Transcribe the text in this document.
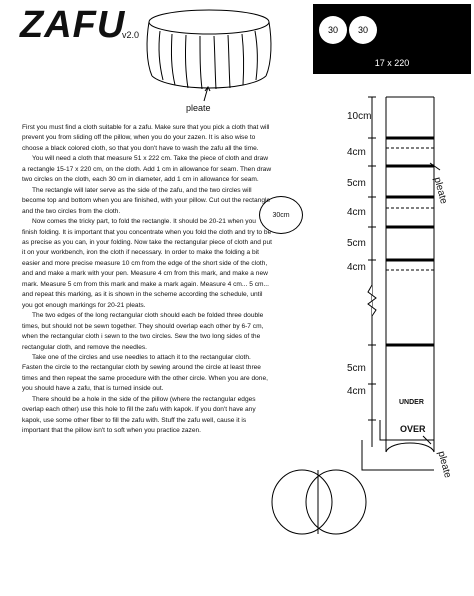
ZAFU
v2.0
pleate
30	30
17 x 220

First you must find a cloth suitable for a zafu. Make sure that you pick a cloth that will prevent you from sliding off the pillow, when you do your zazen. It is also wise to choose a black colored cloth, so that you don't have to wash the zafu all the time.

You will need a cloth that measure 51 x 222 cm. Take the piece of cloth and draw a rectangle 15-17 x 220 cm, on the cloth. Add 1 cm in allowance for seam. Then draw two circles on the cloth, each 30 cm in diameter, add 1 cm in allowance for seam.

The rectangle will later serve as the side of the zafu, and the two circles will become top and bottom when you are finished, with your pillow. Cut out the rectangle and the two circles from the cloth.

Now comes the tricky part, to fold the rectangle. It should be 20-21 when you finish folding. It is important that you concentrate when you fold the cloth and try to be as precise as you can, in your folding. Now take the rectangular piece of cloth and put it on your workbench, iron the cloth if necessary. In order to make the folding a bit easier and more precise measure 10 cm from the edge of the short side of the cloth, and and make a mark with your pen. Measure 4 cm from this mark, and make a new mark. Measure 5 cm from this mark and make a mark again. Measure 4 cm... 5 cm... and repeat this marking, as it is shown in the scheme according the schedule, until you got enough markings for 20-21 pleats.

The two edges of the long rectangular cloth should each be folded three double times, but should not be sewn together. They should overlap each other by 6-7 cm, when the rectangular cloth i sewn to the two circles. Sew the two long sides of the rectangular cloth, and remove the needles.

Take one of the circles and use needles to attach it to the rectangular cloth. Fasten the circle to the rectangular cloth by sewing around the circle at least three times and then repeat the same procedure with the other circle. When you are done, you should have a zafu, that is turned inside out.

There should be a hole in the side of the pillow (where the rectangular edges overlap each other) use this hole to fill the zafu with kapok. If you don't have any kapok, use some other fiber to fill the zafu with. Stuff the zafu well, cause it is important that the pillow isn't to soft when you practice zazen.

30cm
10cm
4cm
5cm
4cm
5cm
4cm
5cm
4cm
pleate
pleate
UNDER
OVER
